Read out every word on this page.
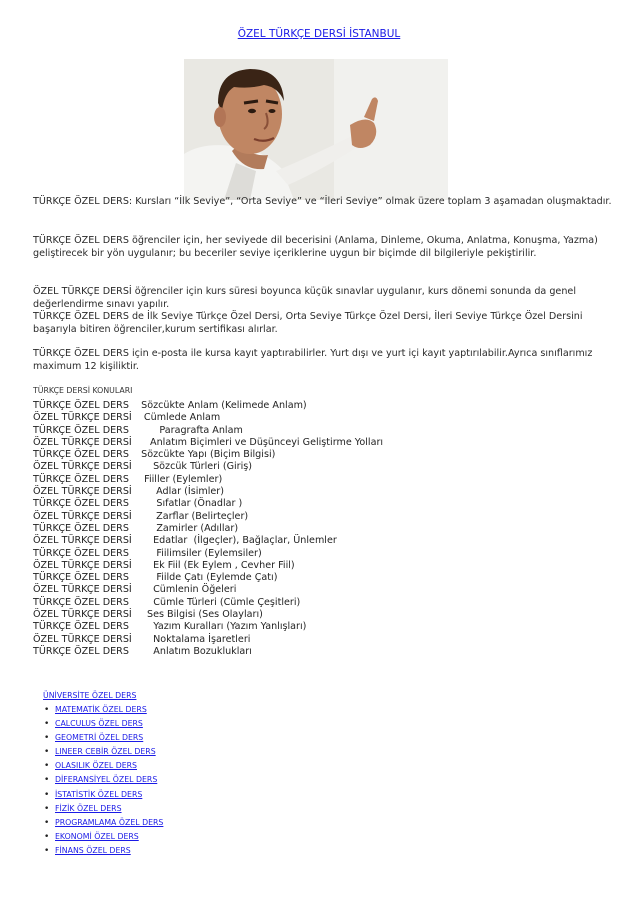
ÖZEL TÜRKÇE DERSİ İSTANBUL
TÜRKÇE ÖZEL DERS: Kursları “İlk Seviye”, “Orta Seviye” ve “İleri Seviye” olmak üzere toplam 3 aşamadan oluşmaktadır.
TÜRKÇE ÖZEL DERS öğrenciler için, her seviyede dil becerisini (Anlama, Dinleme, Okuma, Anlatma, Konuşma, Yazma) geliştirecek bir yön uygulanır; bu beceriler seviye içeriklerine uygun bir biçimde dil bilgileriyle pekiştirilir.
ÖZEL TÜRKÇE DERSİ öğrenciler için kurs süresi boyunca küçük sınavlar uygulanır, kurs dönemi sonunda da genel değerlendirme sınavı yapılır.
TÜRKÇE ÖZEL DERS de İlk Seviye Türkçe Özel Dersi, Orta Seviye Türkçe Özel Dersi, İleri Seviye Türkçe Özel Dersini başarıyla bitiren öğrenciler,kurum sertifikası alırlar.
TÜRKÇE ÖZEL DERS için e-posta ile kursa kayıt yaptırabilirler. Yurt dışı ve yurt içi kayıt yaptırılabilir.Ayrıca sınıflarımız maximum 12 kişiliktir.
TÜRKÇE DERSİ KONULARI
TÜRKÇE ÖZEL DERS    Sözcükte Anlam (Kelimede Anlam)
ÖZEL TÜRKÇE DERSİ    Cümlede Anlam
TÜRKÇE ÖZEL DERS          Paragrafta Anlam
ÖZEL TÜRKÇE DERSİ      Anlatım Biçimleri ve Düşünceyi Geliştirme Yolları
TÜRKÇE ÖZEL DERS    Sözcükte Yapı (Biçim Bilgisi)
ÖZEL TÜRKÇE DERSİ       Sözcük Türleri (Giriş)
TÜRKÇE ÖZEL DERS     Fiiller (Eylemler)
ÖZEL TÜRKÇE DERSİ        Adlar (İsimler)
TÜRKÇE ÖZEL DERS         Sıfatlar (Önadlar )
ÖZEL TÜRKÇE DERSİ        Zarflar (Belirteçler)
TÜRKÇE ÖZEL DERS         Zamirler (Adıllar)
ÖZEL TÜRKÇE DERSİ       Edatlar  (İlgeçler), Bağlaçlar, Ünlemler
TÜRKÇE ÖZEL DERS         Fiilimsiler (Eylemsiler)
ÖZEL TÜRKÇE DERSİ       Ek Fiil (Ek Eylem , Cevher Fiil)
TÜRKÇE ÖZEL DERS         Fiilde Çatı (Eylemde Çatı)
ÖZEL TÜRKÇE DERSİ       Cümlenin Öğeleri
TÜRKÇE ÖZEL DERS        Cümle Türleri (Cümle Çeşitleri)
ÖZEL TÜRKÇE DERSİ     Ses Bilgisi (Ses Olayları)
TÜRKÇE ÖZEL DERS        Yazım Kuralları (Yazım Yanlışları)
ÖZEL TÜRKÇE DERSİ       Noktalama İşaretleri
TÜRKÇE ÖZEL DERS        Anlatım Bozuklukları
ÜNİVERSİTE ÖZEL DERS
• MATEMATİK ÖZEL DERS
• CALCULUS ÖZEL DERS
• GEOMETRİ ÖZEL DERS
• LINEER CEBİR ÖZEL DERS
• OLASILIK ÖZEL DERS
• DİFERANSİYEL ÖZEL DERS
• İSTATİSTİK ÖZEL DERS
• FİZİK ÖZEL DERS
• PROGRAMLAMA ÖZEL DERS
• EKONOMİ ÖZEL DERS
• FİNANS ÖZEL DERS
